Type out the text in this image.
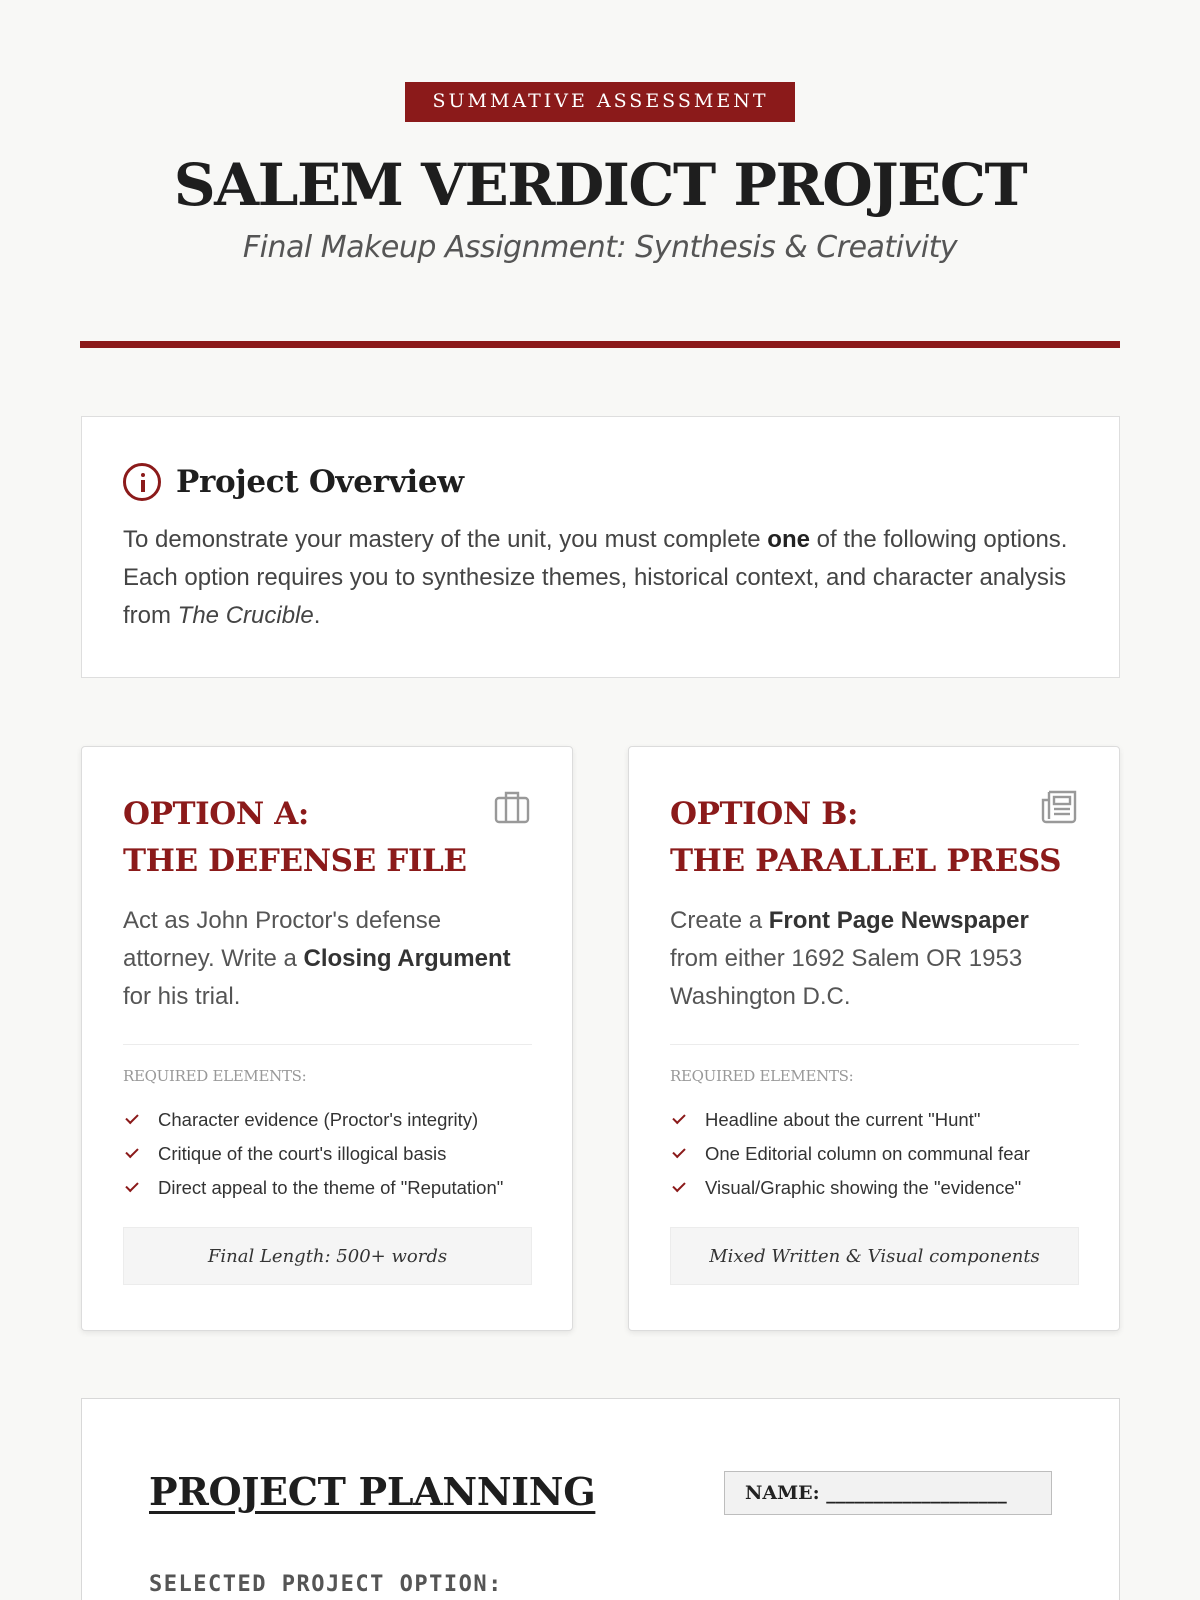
SUMMATIVE ASSESSMENT
SALEM VERDICT PROJECT
Final Makeup Assignment: Synthesis & Creativity
Project Overview

To demonstrate your mastery of the unit, you must complete one of the following options. Each option requires you to synthesize themes, historical context, and character analysis from The Crucible.

OPTION A:
THE DEFENSE FILE

Act as John Proctor's defense attorney. Write a Closing Argument for his trial.

REQUIRED ELEMENTS:
Character evidence (Proctor's integrity)
Critique of the court's illogical basis
Direct appeal to the theme of "Reputation"
Final Length: 500+ words
OPTION B:
THE PARALLEL PRESS

Create a Front Page Newspaper from either 1692 Salem OR 1953 Washington D.C.

REQUIRED ELEMENTS:
Headline about the current "Hunt"
One Editorial column on communal fear
Visual/Graphic showing the "evidence"
Mixed Written & Visual components
PROJECT PLANNING	NAME: ___________________
SELECTED PROJECT OPTION:
